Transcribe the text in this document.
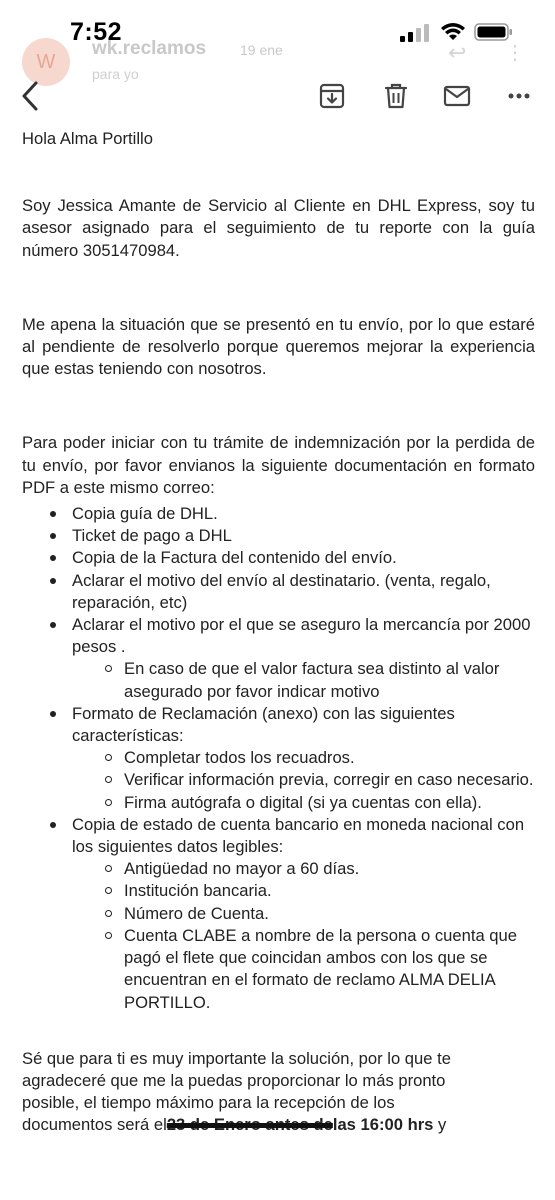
7:52
W
wk.reclamos 19 ene
para yo
↩ ⋮

Hola Alma Portillo

Soy Jessica Amante de Servicio al Cliente en DHL Express, soy tu asesor asignado para el seguimiento de tu reporte con la guía número 3051470984.

Me apena la situación que se presentó en tu envío, por lo que estaré al pendiente de resolverlo porque queremos mejorar la experiencia que estas teniendo con nosotros.

Para poder iniciar con tu trámite de indemnización por la perdida de tu envío, por favor envianos la siguiente documentación en formato PDF a este mismo correo:

Copia guía de DHL.
Ticket de pago a DHL
Copia de la Factura del contenido del envío.
Aclarar el motivo del envío al destinatario. (venta, regalo, reparación, etc)
Aclarar el motivo por el que se aseguro la mercancía por 2000 pesos .
En caso de que el valor factura sea distinto al valor asegurado por favor indicar motivo
Formato de Reclamación (anexo) con las siguientes características:
Completar todos los recuadros.
Verificar información previa, corregir en caso necesario.
Firma autógrafa o digital (si ya cuentas con ella).
Copia de estado de cuenta bancario en moneda nacional con los siguientes datos legibles:
Antigüedad no mayor a 60 días.
Institución bancaria.
Número de Cuenta.
Cuenta CLABE a nombre de la persona o cuenta que pagó el flete que coincidan ambos con los que se encuentran en el formato de reclamo ALMA DELIA PORTILLO.

Sé que para ti es muy importante la solución, por lo que te

agradeceré que me la puedas proporcionar lo más pronto

posible, el tiempo máximo para la recepción de los

documentos será el23 de Enero antes delas 16:00 hrs y
